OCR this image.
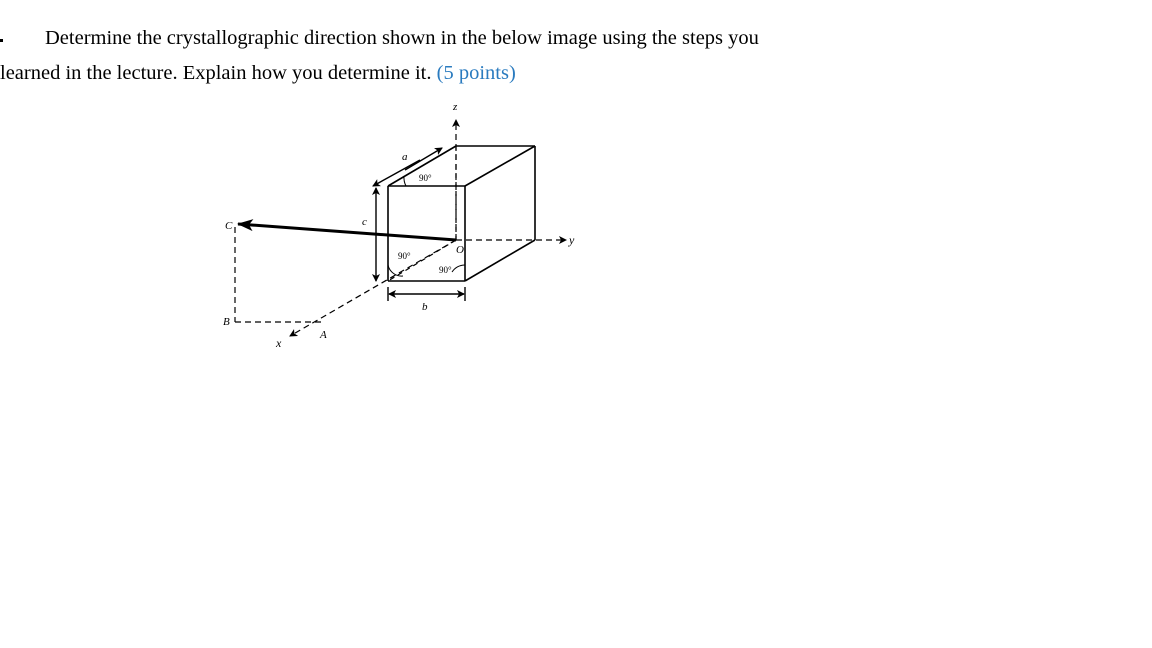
Determine the crystallographic direction shown in the below image using the steps you
learned in the lecture. Explain how you determine it. (5 points)
z
y
x
a
c
b
O
A
B
C
90°
90°
90°
